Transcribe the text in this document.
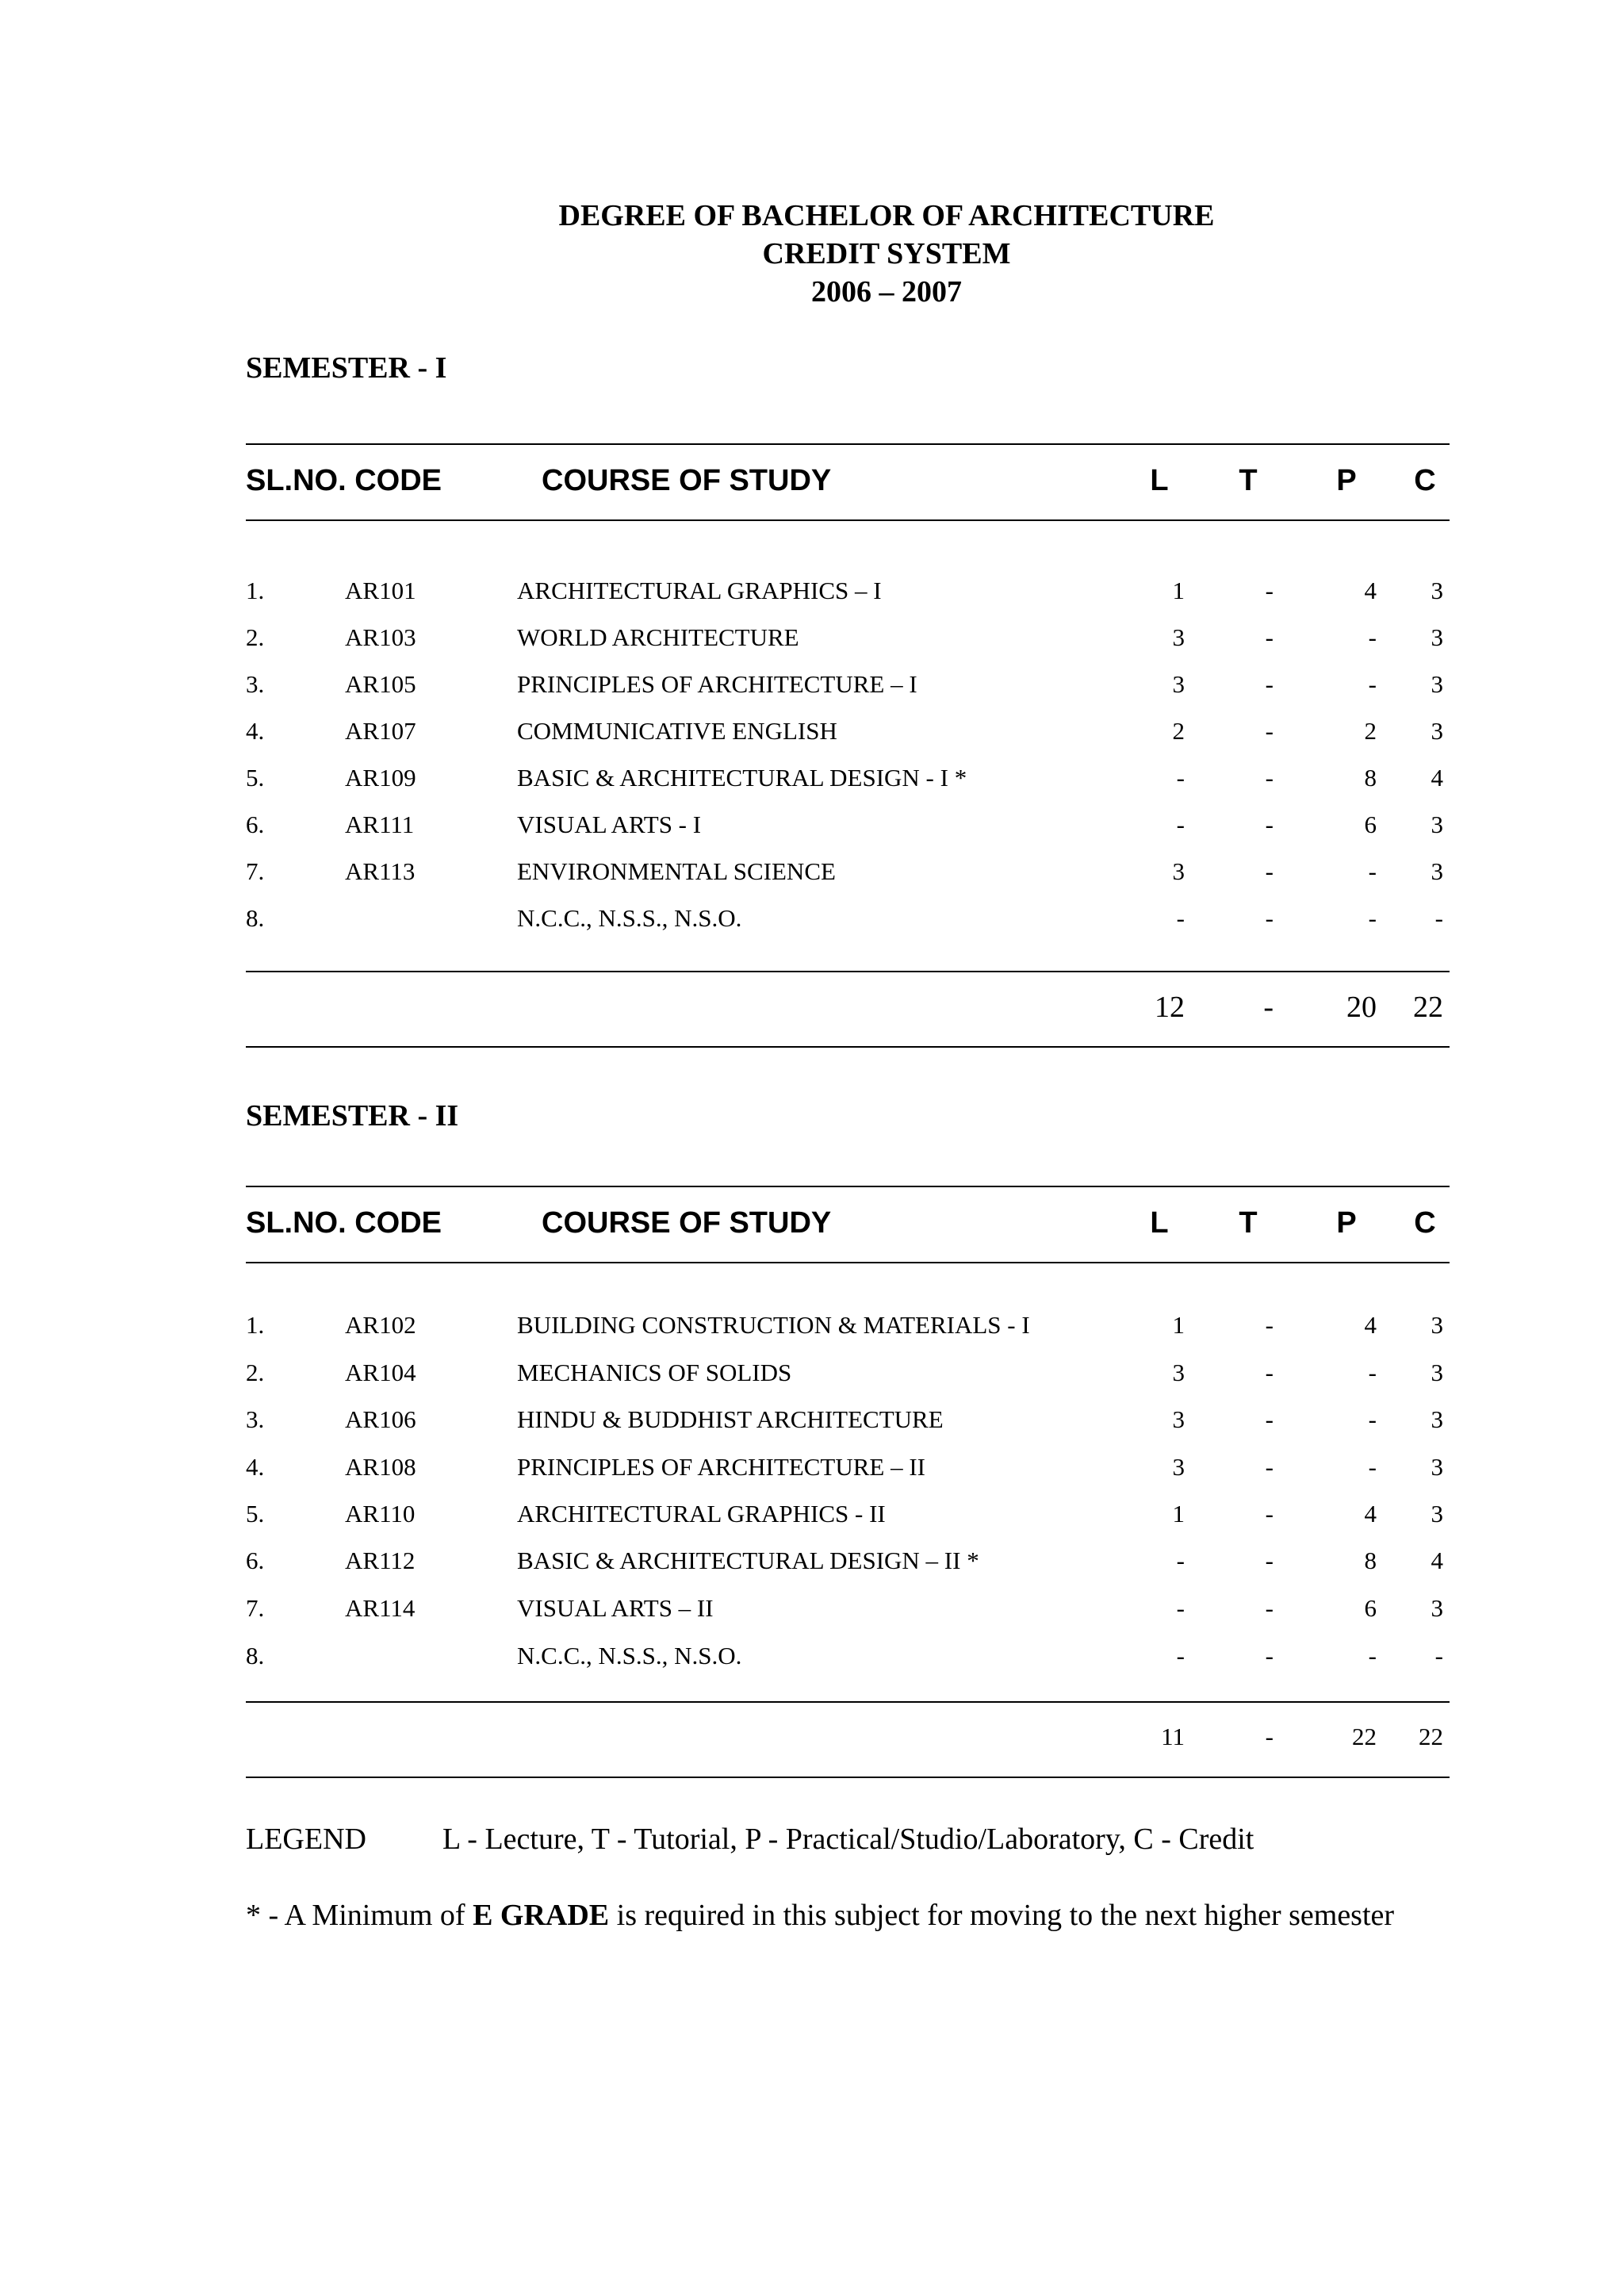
DEGREE OF BACHELOR OF ARCHITECTURE
CREDIT SYSTEM
2006 – 2007
SEMESTER - I
SL.NO. CODE	COURSE OF STUDY	L	T	P	C
1.	AR101	ARCHITECTURAL GRAPHICS – I	1	-	4	3
2.	AR103	WORLD ARCHITECTURE	3	-	-	3
3.	AR105	PRINCIPLES OF ARCHITECTURE – I	3	-	-	3
4.	AR107	COMMUNICATIVE ENGLISH	2	-	2	3
5.	AR109	BASIC & ARCHITECTURAL DESIGN - I *	-	-	8	4
6.	AR111	VISUAL ARTS - I	-	-	6	3
7.	AR113	ENVIRONMENTAL SCIENCE	3	-	-	3
8.	N.C.C., N.S.S., N.S.O.	-	-	-	-
12	-	20	22
SEMESTER - II
SL.NO. CODE	COURSE OF STUDY	L	T	P	C
1.	AR102	BUILDING CONSTRUCTION & MATERIALS - I	1	-	4	3
2.	AR104	MECHANICS OF SOLIDS	3	-	-	3
3.	AR106	HINDU & BUDDHIST ARCHITECTURE	3	-	-	3
4.	AR108	PRINCIPLES OF ARCHITECTURE – II	3	-	-	3
5.	AR110	ARCHITECTURAL GRAPHICS - II	1	-	4	3
6.	AR112	BASIC & ARCHITECTURAL DESIGN – II *	-	-	8	4
7.	AR114	VISUAL ARTS – II	-	-	6	3
8.	N.C.C., N.S.S., N.S.O.	-	-	-	-
11	-	22	22
LEGEND	L - Lecture, T - Tutorial, P - Practical/Studio/Laboratory, C - Credit
* - A Minimum of E GRADE is required in this subject for moving to the next higher semester
